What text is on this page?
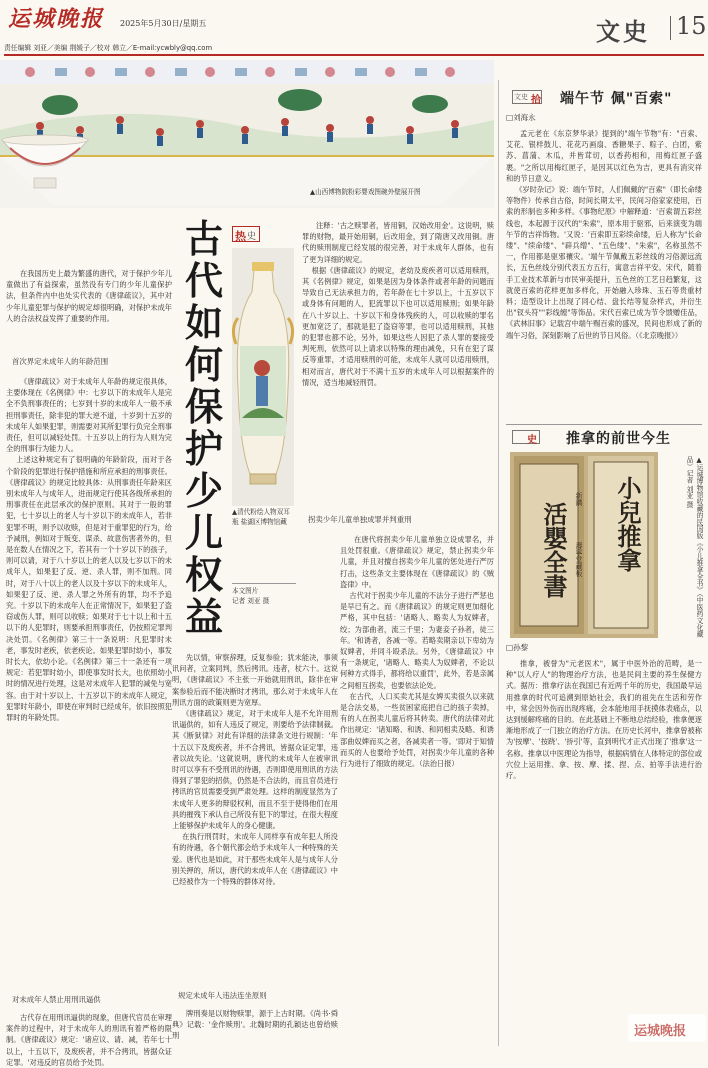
运城晚报 2025年5月30日/星期五	文史 15
责任编辑 刘亚／美编 荆媛子／校对 韩立／E-mail:ycwbly@qq.com
▲山西博物院粉彩婴戏图碗外壁展开图
古
代
如
何
保
护
少
儿
权
益
热 史
▲清代粉绘人物双耳瓶 盐湖区博物馆藏
本文图片
记者 刘亚 摄
在我国历史上最为繁盛的唐代，对于保护少年儿童做出了有益探索，虽然没有专门的少年儿童保护法，但条件内中也处实代表的《唐律疏议》，其中对少年儿童犯罪与保护的规定却很明确，对保护未成年人的合法权益发挥了重要的作用。
首次界定未成年人的年龄范围
《唐律疏议》对于未成年人年龄的规定很具体，主要体现在《名例律》中：七岁以下的未成年人是完全不负刑事责任的；七岁到十岁的未成年人一般不承担刑事责任，除非犯的罪大逆不道，十岁到十五岁的未成年人如果犯罪，则需要对其所犯罪行负完全刑事责任，但可以减轻处罚。十五岁以上的行为人则为完全的刑事行为能力人。
上述这种规定有了很明确的年龄阶段，而对于各个阶段的犯罪进行保护措施和所应承担的刑事责任。《唐律疏议》的规定比较具体：从刑事责任年龄来区别未成年人与成年人，进而规定行使其各级所承担的刑事责任在此层承次的保护原则。其对于一般的罪犯，七十岁以上的老人与十岁以下的未成年人，若非犯罪不明，则予以收赎，但是对于重罪犯的行为，给予减刑，例如对于叛变、谋杀、故意伤害者外的，但是在数人在情况之下，若其有一个十岁以下的孩子，则可以请，对于八十岁以上的老人以及七岁以下的未成年人，如果犯了反、逆、杀人罪，则不加刑。同时，对于八十以上的老人以及十岁以下的未成年人，如果犯了反、逆、杀人罪之外所有的罪，均不予追究。十岁以下的未成年人在正常情况下，如果犯了盗窃或伤人罪，则可以收赎；如果对于七十以上和十五以下的人犯罪时，则要承担刑事责任，仍按照定罪判决处罚。《名例律》第三十一条说明：凡犯罪时未老，事发时老疾，依老疾论。如果犯罪时幼小，事发时长大，依幼小论。《名例律》第三十一条还有一项规定：若犯罪时幼小，即使事发时长大，也依照幼小时的情况进行处理，这是对未成年人犯罪的减免与宽容。由于对十岁以上、十五岁以下的未成年人规定，犯罪时年龄小，即使在审判时已经成年，依旧按照犯罪时的年龄处罚。
对未成年人禁止用刑讯逼供
古代存在用刑讯逼供的现象，但唐代官员在审理案件的过程中，对于未成年人的刑讯有着严格的限制。《唐律疏议》规定：'诸应议、请、减，若年七十以上，十五以下，及废疾者，并不合拷讯，皆据众证定罪。'对违反的官员给予处罚。
先以情，审察辞理，反复参验；犹未能决，事须讯问者，立案同判，然后拷讯。违者，杖六十。这说明，《唐律疏议》不主张一开始就用刑讯，除非在审案参验后而不能决断时才拷讯，那么对于未成年人在刑讯方面的政策则更为宽厚。
《唐律疏议》规定，对于未成年人是不允许用刑讯逼供的，如有人违反了规定，则要给予法律制裁。其《断狱律》对此有详细的法律条文进行规制：'年十五以下及废疾者，并不合拷讯，皆据众证定罪，违者以故失论。'这就说明，唐代的未成年人在被审讯时可以享有不受刑讯的待遇，否则即使用刑讯的方法得到了罪犯的招供，仍然是不合法的，而且官员进行拷讯的官员需要受到严肃处理。这样的制度显然为了未成年人更多的辩驳权利，而且不至于使得他们在用具的摧残下承认自己所没有犯下的罪过，在很大程度上能够保护未成年人的身心健康。
在执行刑罚时，未成年人同样享有成年犯人所没有的待遇，各个朝代都会给予未成年人一种特殊的关爱。唐代也是如此，对于那些未成年人是与成年人分别关押的，所以，唐代的未成年人在《唐律疏议》中已经被作为一个特殊的群体对待。
规定未成年人违法连坐原则
牌刑奏是以财物赎罪，源于上古时期。《尚书·舜典》记载：'金作赎刑'。北魏时期的孔颖达也曾给赎刑
注释：'古之赎罪者，皆用铜，汉始改用金'。这说明，赎罪的财物，最开始用铜，后改用金，到了隋唐又改用铜。唐代的赎刑制度已经发展的很完善，对于未成年人群体，也有了更为详细的规定。
根据《唐律疏议》的规定，老幼及废疾者可以适用赎刑，其《名例律》规定，如果是因为身体条件或者年龄的问题而导致自己无法承担力的，若年龄在七十岁以上，十五岁以下或身体有问题的人，犯流罪以下也可以适用赎刑；如果年龄在八十岁以上、十岁以下和身体残疾的人，可以收赎的罪名更加宽泛了，那就是犯了盗窃等罪，也可以适用赎刑，其他的犯罪也都不论，另外，如果这些人因犯了杀人罪的要接受判死刑，依然可以上请求以特殊的理由减免，只有在犯了谋反等重罪，才适用赎刑的可能，未成年人就可以适用赎刑，相对而言，唐代对于不满十五岁的未成年人可以根据案件的情况，适当地减轻刑罚。
拐卖少年儿童单独成罪并判重刑
在唐代将拐卖少年儿童单独立设成罪名，并且处罚很重。《唐律疏议》规定，禁止拐卖少年儿童，并且对擅自拐卖少年儿童的惩处进行严厉打击，这些条文主要体现在《唐律疏议》的《贼盗律》中。
古代对于拐卖少年儿童的不法分子进行严惩也是早已有之。而《唐律疏议》的规定则更加细化严格，其中包括：'诸略人、略卖人为奴婢者，绞；为部曲者，流三千里；为妻妾子孙者，徒三年。'和诱者，各减一等。若略卖期亲以下卑幼为奴婢者，并同斗殴杀法。另外，《唐律疏议》中有一条规定，'诸略人、略卖人为奴婢者，不论以何种方式得手，都将给以重罚'，此外，若是亲属之间相互拐卖，也要依法论处。
在古代，人口买卖尤其是女婢买卖很久以来就是合法交易，一些贫困家庭把自己的孩子卖掉，有的人在拐卖儿童后将其转卖。唐代的法律对此作出规定：'诸知略、和诱、和同相卖及略、和诱部曲奴婢而买之者，各减卖者一等。'即对于知情而买的人也要给予处罚，对拐卖少年儿童的各种行为进行了细致的规定。（法治日报）
文史 拾 端午节 佩"百索"
□刘海永
孟元老在《东京梦华录》提到的"端午节物"有："百索、艾花、银样鼓儿、花花巧画扇、香糖果子、粽子、白团，紫苏、菖蒲、木瓜，并皆茸切，以香药相和，用梅红匣子盛裹。"之所以用梅红匣子，是因其以红色为吉，更具有消灾祥和的节日意义。
《岁时杂记》说：端午节时，人们佩戴的"百索"（即长命缕等物件）传承自古俗，时间长期太平，民间习俗家家使用，百索的形制也多种多样。《事物纪原》中解释道：'百索谓五彩丝线也，本起源于汉代的"朱索"，原本用于驱邪，后来演变为端午节的吉祥饰物。'又说：'百索即五彩续命缕，后人称为"长命缕"、"续命缕"、"辟兵缯"、"五色缕"、"朱索"，名称虽然不一，作用都是驱邪禳灾。'端午节佩戴五彩丝线的习俗源远流长，五色丝线分别代表五方五行，寓意吉祥平安。宋代，随着手工业技术革新与市民审美提升，五色丝的工艺日趋繁复，这就使百索的花样更加多样化，开始融入珍珠、玉石等贵重材料；造型设计上出现了同心结、盘长结等复杂样式，并衍生出"钗头符""彩线缠"等饰品。宋代百索已成为节令馈赠佳品，《武林旧事》记载宫中端午赐百索的盛况，民间也形成了新的端午习俗，深刻影响了后世的节日风俗。（《北京晚报》）
史 推拿的前世今生
小兒推拿
活嬰全書
新鐫
壽寧堂藏板	▲运城博物馆收藏的民国版《小儿推拿全书》（中医药文化藏品）记者 刘亚 摄
□孙黎
推拿，被誉为"元老医术"，属于中医外治的范畴，是一种"以人疗人"的物理治疗方法，也是民间主要的养生保健方式。据历：推拿疗法在我国已有近两千年的历史，我国最早运用推拿的时代可追溯到原始社会，我们的祖先在生活和劳作中，常会因外伤而出现疼痛，会本能地用手抚摸体表痛点，以达到缓解疼痛的目的。在此基础上不断地总结经验，推拿便逐渐地形成了一门独立的治疗方法。在历史长河中，推拿曾被称为'按摩'、'按跷'、'挢引'等，直到明代才正式出现了'推拿'这一名称。推拿以中医理论为指导，根据病情在人体特定的部位或穴位上运用推、拿、按、摩、揉、捏、点、拍等手法进行治疗。
运城晚报
